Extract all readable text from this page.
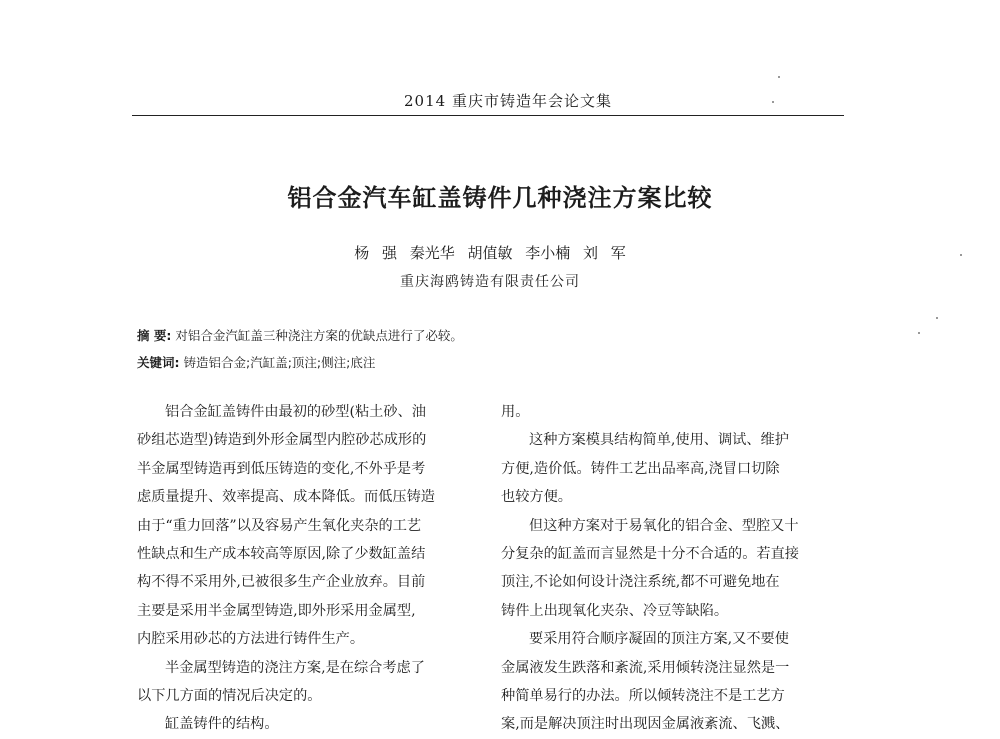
2014 重庆市铸造年会论文集
铝合金汽车缸盖铸件几种浇注方案比较
杨 强 秦光华 胡值敏 李小楠 刘 军
重庆海鸥铸造有限责任公司
摘 要: 对铝合金汽缸盖三种浇注方案的优缺点进行了必较。
关键词: 铸造铝合金;汽缸盖;顶注;侧注;底注
铝合金缸盖铸件由最初的砂型(粘土砂、油
砂组芯造型)铸造到外形金属型内腔砂芯成形的
半金属型铸造再到低压铸造的变化,不外乎是考
虑质量提升、效率提高、成本降低。而低压铸造
由于“重力回落”以及容易产生氧化夹杂的工艺
性缺点和生产成本较高等原因,除了少数缸盖结
构不得不采用外,已被很多生产企业放弃。目前
主要是采用半金属型铸造,即外形采用金属型,
内腔采用砂芯的方法进行铸件生产。
半金属型铸造的浇注方案,是在综合考虑了
以下几方面的情况后决定的。
缸盖铸件的结构。
用。
这种方案模具结构简单,使用、调试、维护
方便,造价低。铸件工艺出品率高,浇冒口切除
也较方便。
但这种方案对于易氧化的铝合金、型腔又十
分复杂的缸盖而言显然是十分不合适的。若直接
顶注,不论如何设计浇注系统,都不可避免地在
铸件上出现氧化夹杂、冷豆等缺陷。
要采用符合顺序凝固的顶注方案,又不要使
金属液发生跌落和紊流,采用倾转浇注显然是一
种简单易行的办法。所以倾转浇注不是工艺方
案,而是解决顶注时出现因金属液紊流、飞溅、
